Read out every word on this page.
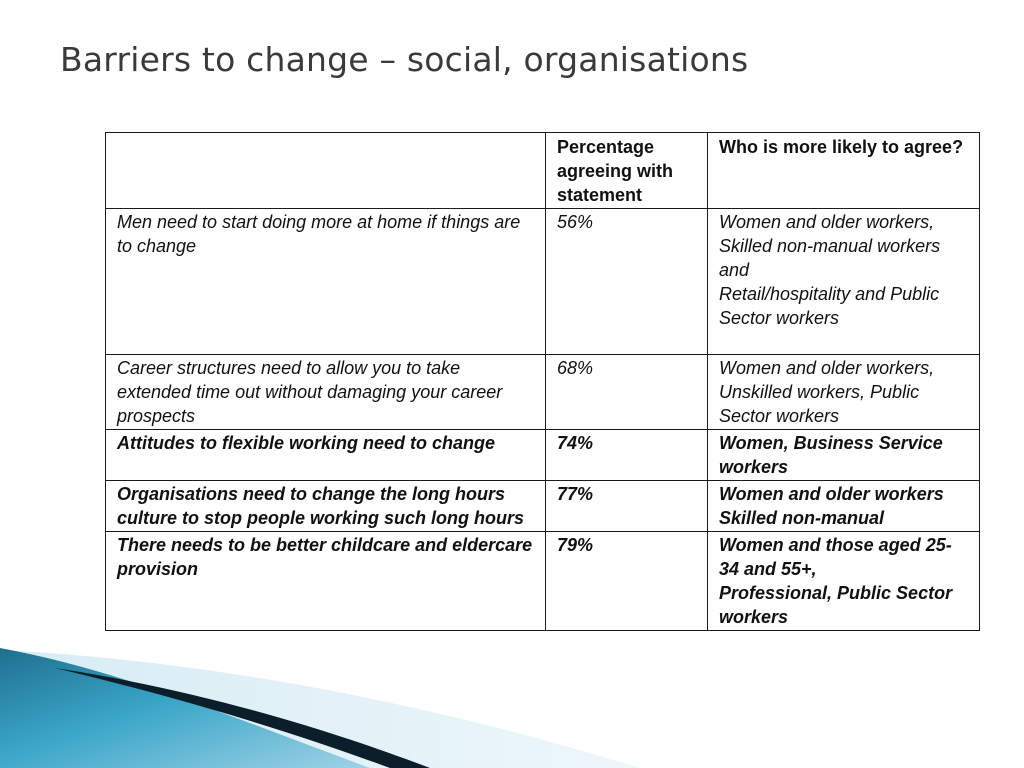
Barriers to change – social, organisations
	Percentage agreeing with statement	Who is more likely to agree?
Men need to start doing more at home if things are to change	56%	Women and older workers,
Skilled non-manual workers and
Retail/hospitality and Public Sector workers

Career structures need to allow you to take extended time out without damaging your career prospects	68%	Women and older workers,
Unskilled workers, Public Sector workers

Attitudes to flexible working need to change	74%	Women, Business Service workers

Organisations need to change the long hours culture to stop people working such long hours	77%	Women and older workers
Skilled non-manual

There needs to be better childcare and eldercare provision	79%	Women and those aged 25-34 and 55+,
Professional, Public Sector workers
